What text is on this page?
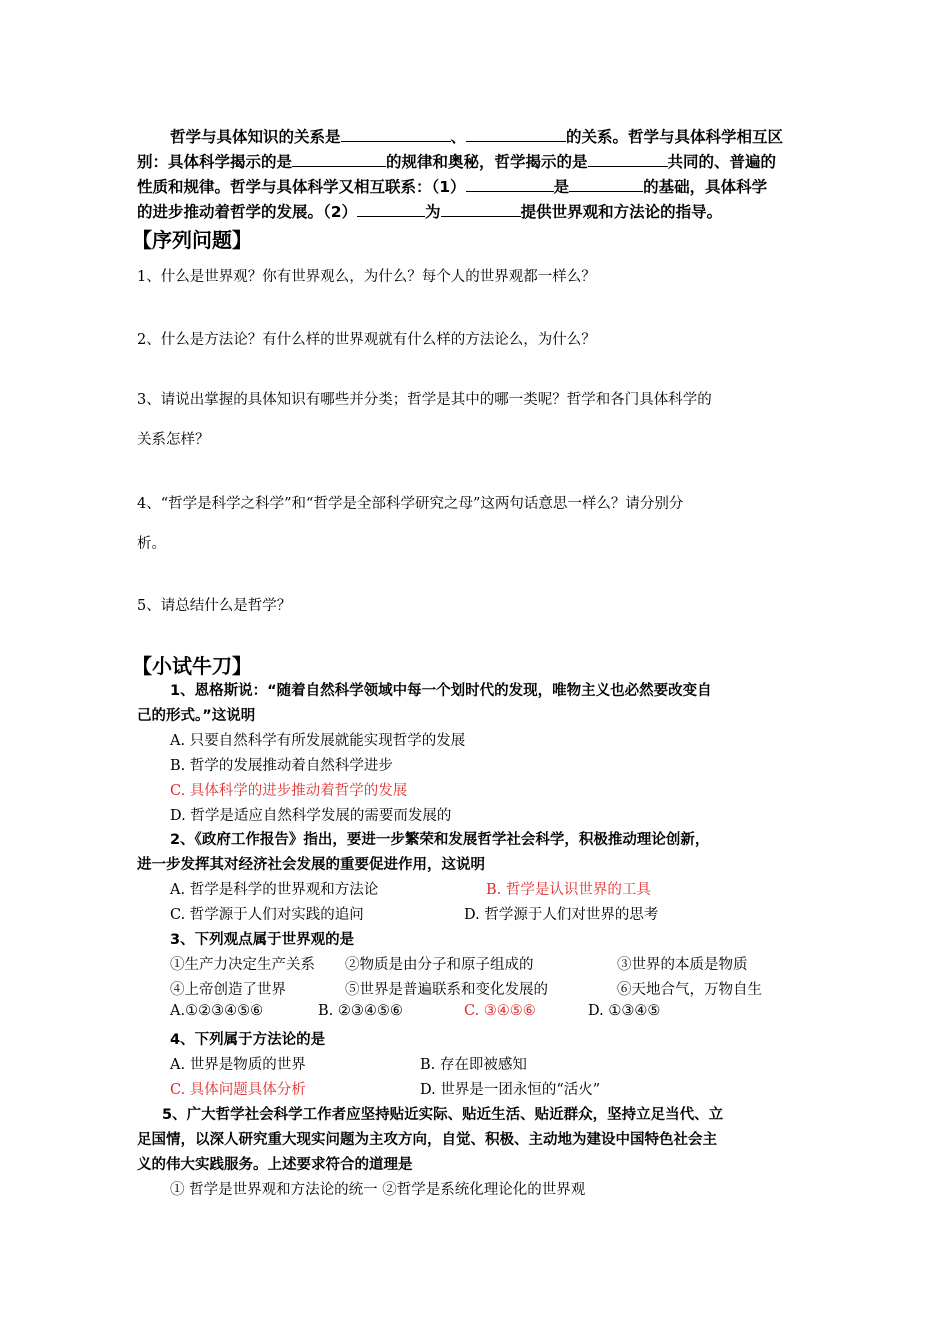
哲学与具体知识的关系是	、	的关系。哲学与具体科学相互区
别：具体科学揭示的是	的规律和奥秘，哲学揭示的是	共同的、普遍的
性质和规律。哲学与具体科学又相互联系：（1）	是	的基础，具体科学
的进步推动着哲学的发展。（2）	为	提供世界观和方法论的指导。
【序列问题】
1、什么是世界观？你有世界观么，为什么？每个人的世界观都一样么？
2、什么是方法论？有什么样的世界观就有什么样的方法论么，为什么？
3、请说出掌握的具体知识有哪些并分类；哲学是其中的哪一类呢？哲学和各门具体科学的
关系怎样？
4、“哲学是科学之科学”和“哲学是全部科学研究之母”这两句话意思一样么？请分别分
析。
5、请总结什么是哲学？
【小试牛刀】
1、恩格斯说：“随着自然科学领域中每一个划时代的发现，唯物主义也必然要改变自
己的形式。”这说明
A. 只要自然科学有所发展就能实现哲学的发展
B. 哲学的发展推动着自然科学进步
C. 具体科学的进步推动着哲学的发展
D. 哲学是适应自然科学发展的需要而发展的
2、《政府工作报告》指出，要进一步繁荣和发展哲学社会科学，积极推动理论创新，
进一步发挥其对经济社会发展的重要促进作用，这说明
A. 哲学是科学的世界观和方法论	B. 哲学是认识世界的工具
C. 哲学源于人们对实践的追问	D. 哲学源于人们对世界的思考
3、下列观点属于世界观的是
①生产力决定生产关系 ②物质是由分子和原子组成的	③世界的本质是物质
④上帝创造了世界	⑤世界是普遍联系和变化发展的	⑥天地合气，万物自生
A.①②③④⑤⑥	B. ②③④⑤⑥	C. ③④⑤⑥	D. ①③④⑤
4、下列属于方法论的是
A. 世界是物质的世界	B. 存在即被感知
C. 具体问题具体分析	D. 世界是一团永恒的“活火”
5、广大哲学社会科学工作者应坚持贴近实际、贴近生活、贴近群众，坚持立足当代、立
足国情，以深人研究重大现实问题为主攻方向，自觉、积极、主动地为建设中国特色社会主
义的伟大实践服务。上述要求符合的道理是
① 哲学是世界观和方法论的统一 ②哲学是系统化理论化的世界观
